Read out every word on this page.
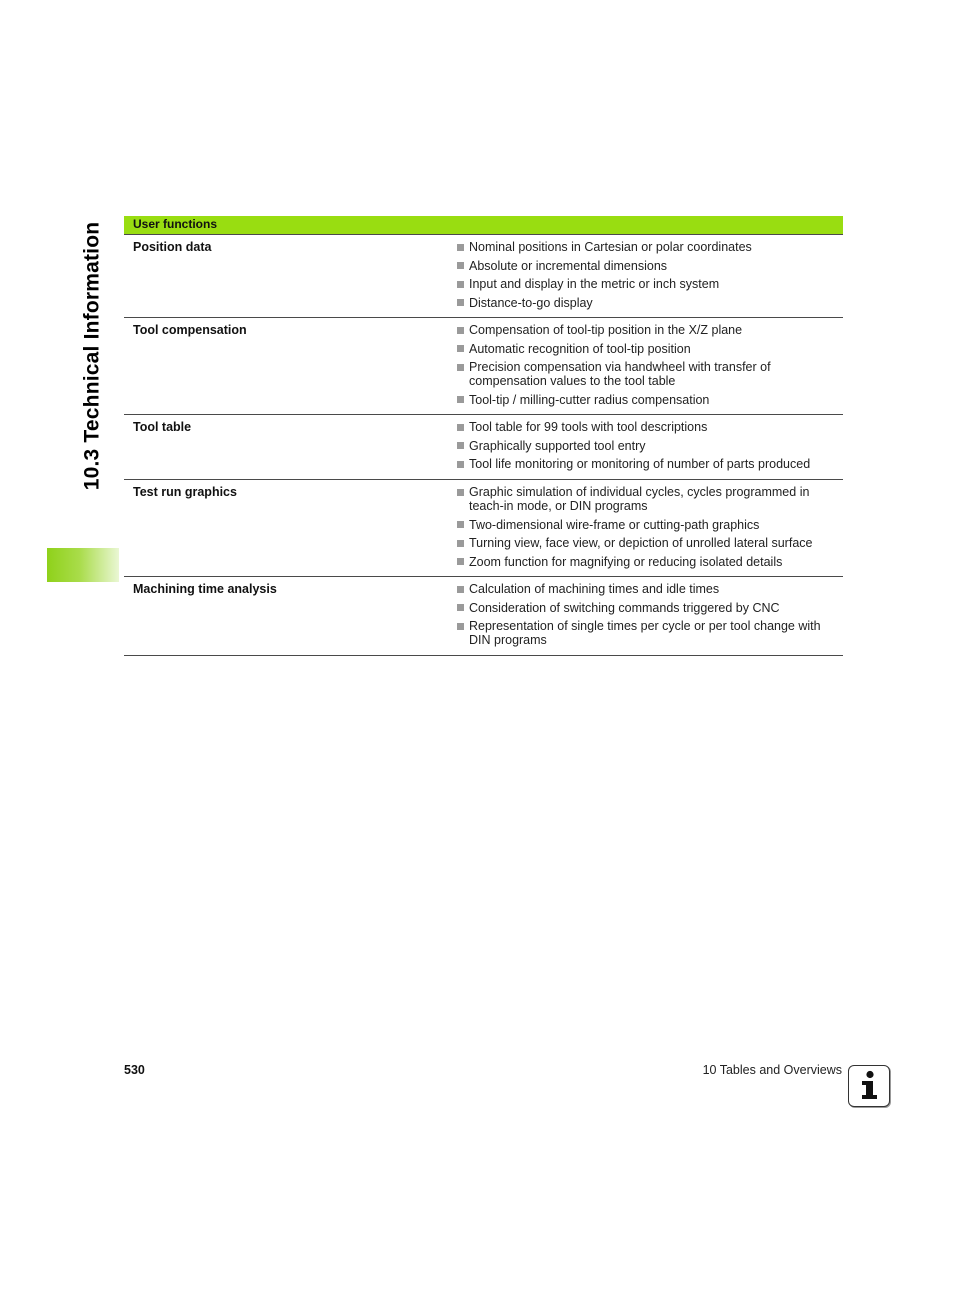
10.3 Technical Information	User functions
Position data	Nominal positions in Cartesian or polar coordinates
Absolute or incremental dimensions
Input and display in the metric or inch system
Distance-to-go display
Tool compensation	Compensation of tool-tip position in the X/Z plane
Automatic recognition of tool-tip position
Precision compensation via handwheel with transfer of compensation values to the tool table
Tool-tip / milling-cutter radius compensation
Tool table	Tool table for 99 tools with tool descriptions
Graphically supported tool entry
Tool life monitoring or monitoring of number of parts produced
Test run graphics	Graphic simulation of individual cycles, cycles programmed in teach-in mode, or DIN programs
Two-dimensional wire-frame or cutting-path graphics
Turning view, face view, or depiction of unrolled lateral surface
Zoom function for magnifying or reducing isolated details
Machining time analysis	Calculation of machining times and idle times
Consideration of switching commands triggered by CNC
Representation of single times per cycle or per tool change with DIN programs
530	10 Tables and Overviews
